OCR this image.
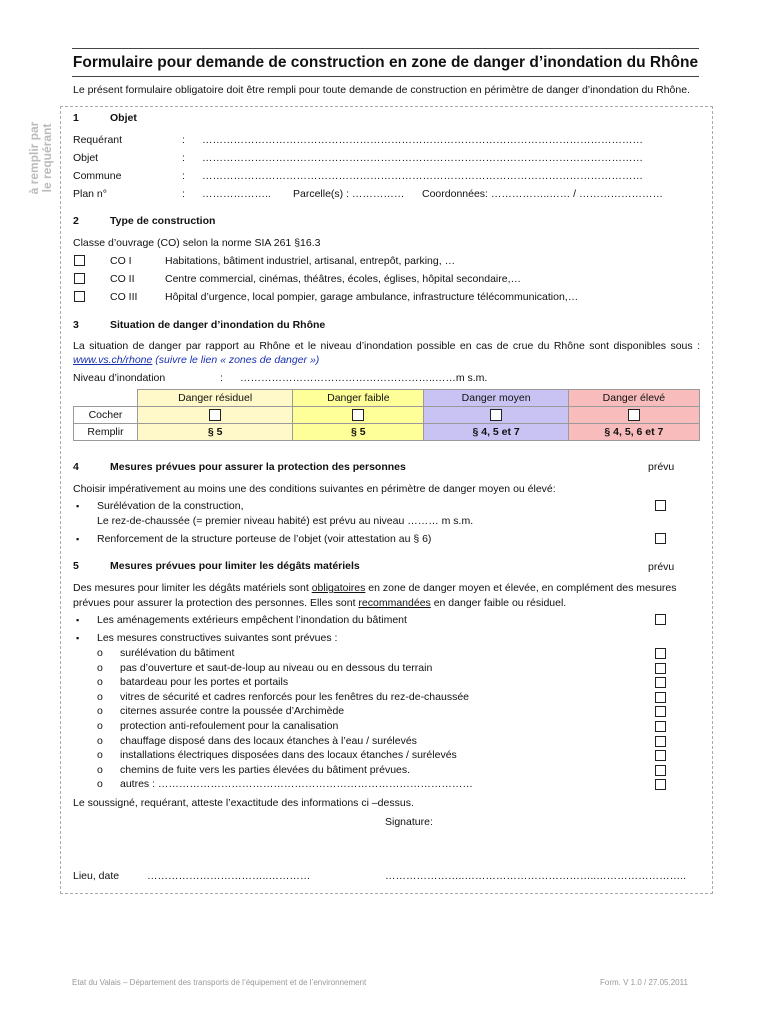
Formulaire pour demande de construction en zone de danger d’inondation du Rhône
Le présent formulaire obligatoire doit être rempli pour toute demande de construction en périmètre de danger d’inondation du Rhône.
à remplir par le requérant
1	Objet
Requérant	: ………………………………………………………………………………………………………………
Objet	: ………………………………………………………………………………………………………………
Commune	: ………………………………………………………………………………………………………………
Plan n°	: ……………….. Parcelle(s) : …………… Coordonnées: ……………..…… / ……………………
2	Type de construction
Classe d’ouvrage (CO) selon la norme SIA 261 §16.3
CO I	Habitations, bâtiment industriel, artisanal, entrepôt, parking, …
CO II	Centre commercial, cinémas, théâtres, écoles, églises, hôpital secondaire,…
CO III	Hôpital d’urgence, local pompier, garage ambulance, infrastructure télécommunication,…
3	Situation de danger d’inondation du Rhône
La situation de danger par rapport au Rhône et le niveau d’inondation possible en cas de crue du Rhône sont disponibles sous :
www.vs.ch/rhone (suivre le lien « zones de danger »)
Niveau d’inondation	: ………………………………………………..……m s.m.
	Danger résiduel	Danger faible	Danger moyen	Danger élevé
Cocher				
Remplir	§ 5	§ 5	§ 4, 5 et 7	§ 4, 5, 6 et 7
4	Mesures prévues pour assurer la protection des personnes	prévu
Choisir impérativement au moins une des conditions suivantes en périmètre de danger moyen ou élevé:
▪ Surélévation de la construction,
Le rez-de-chaussée (= premier niveau habité) est prévu au niveau ……… m s.m.
▪ Renforcement de la structure porteuse de l’objet (voir attestation au § 6)
5	Mesures prévues pour limiter les dégâts matériels	prévu
Des mesures pour limiter les dégâts matériels sont obligatoires en zone de danger moyen et élevée, en complément des mesures
prévues pour assurer la protection des personnes. Elles sont recommandées en danger faible ou résiduel.
▪ Les aménagements extérieurs empêchent l’inondation du bâtiment
▪ Les mesures constructives suivantes sont prévues :
o surélévation du bâtiment
o pas d’ouverture et saut-de-loup au niveau ou en dessous du terrain
o batardeau pour les portes et portails
o vitres de sécurité et cadres renforcés pour les fenêtres du rez-de-chaussée
o citernes assurée contre la poussée d’Archimède
o protection anti-refoulement pour la canalisation
o chauffage disposé dans des locaux étanches à l’eau / surélevés
o installations électriques disposées dans des locaux étanches / surélevés
o chemins de fuite vers les parties élevées du bâtiment prévues.
o autres : ………………………………………………………………………………
Le soussigné, requérant, atteste l’exactitude des informations ci –dessus.
Signature:
Lieu, date	……………………………..…………	…………………..………………………………..……………………..
Etat du Valais – Département des transports de l’équipement et de l’environnement	Form. V 1.0 / 27.05.2011
